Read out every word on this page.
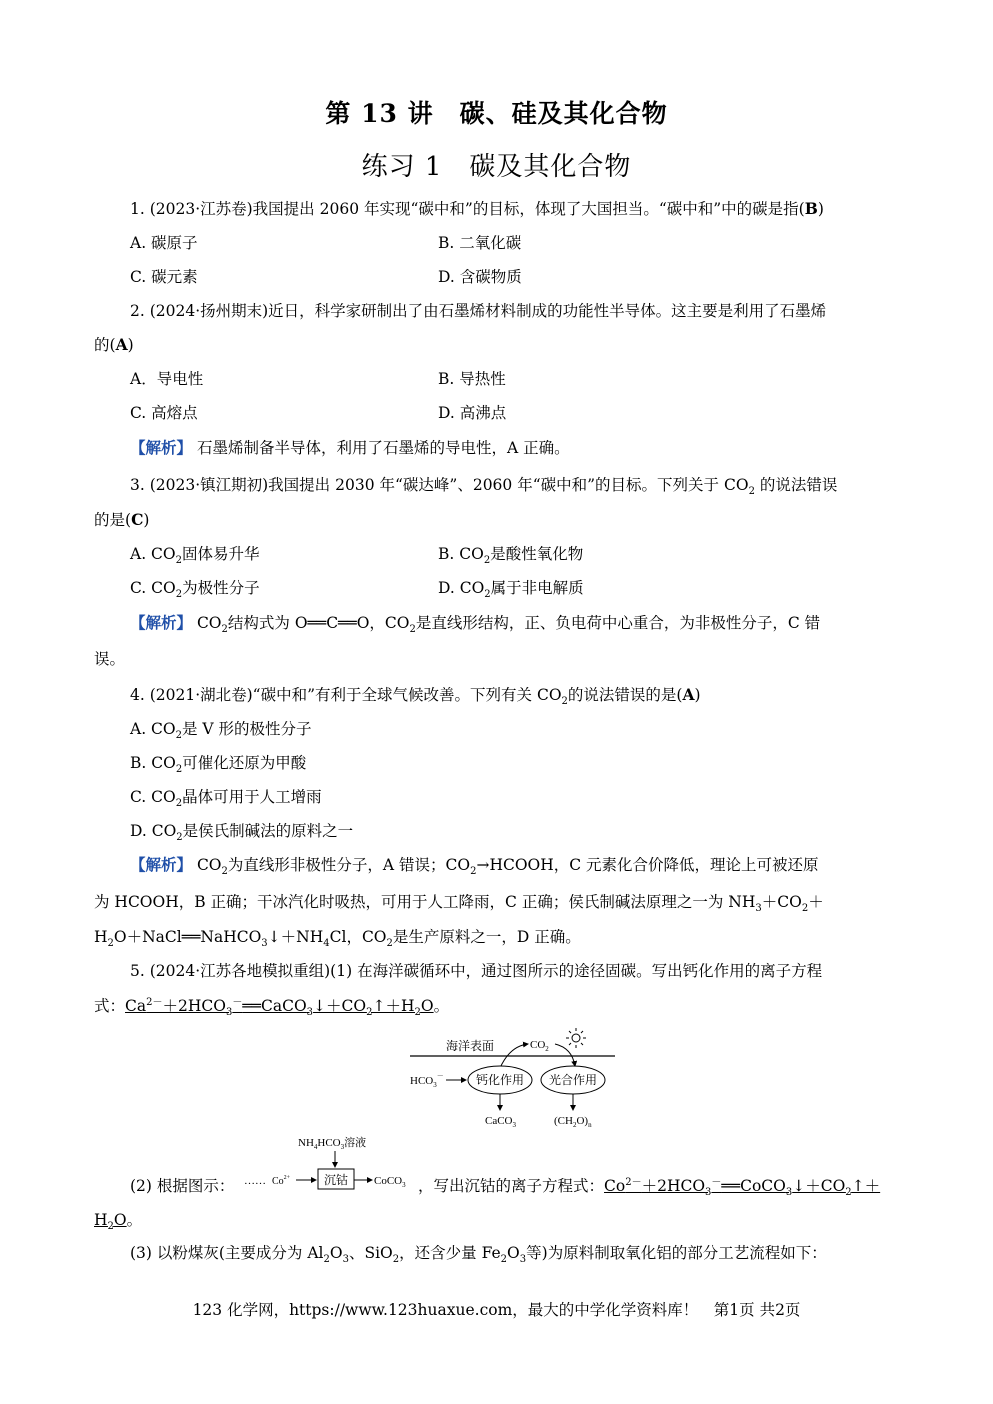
第 13 讲　碳、硅及其化合物
练习 1　碳及其化合物
1. (2023·江苏卷)我国提出 2060 年实现“碳中和”的目标，体现了大国担当。“碳中和”中的碳是指(B)
A. 碳原子	B. 二氧化碳
C. 碳元素	D. 含碳物质
2. (2024·扬州期末)近日，科学家研制出了由石墨烯材料制成的功能性半导体。这主要是利用了石墨烯
的(A)
A．导电性	B. 导热性
C. 高熔点	D. 高沸点
【解析】 石墨烯制备半导体，利用了石墨烯的导电性，A 正确。
3. (2023·镇江期初)我国提出 2030 年“碳达峰”、2060 年“碳中和”的目标。下列关于 $CO_2$ 的说法错误
的是(C)
A. $CO_2$固体易升华	B. $CO_2$是酸性氧化物
C. $CO_2$为极性分子	D. $CO_2$属于非电解质
【解析】 $CO_2$结构式为 O══C══O，$CO_2$是直线形结构，正、负电荷中心重合，为非极性分子，C 错
误。
4. (2021·湖北卷)“碳中和”有利于全球气候改善。下列有关 $CO_2$的说法错误的是(A)
A. $CO_2$是 V 形的极性分子
B. $CO_2$可催化还原为甲酸
C. $CO_2$晶体可用于人工增雨
D. $CO_2$是侯氏制碱法的原料之一
【解析】 $CO_2$为直线形非极性分子，A 错误；$CO_2\to HCOOH$，C 元素化合价降低，理论上可被还原
为 HCOOH，B 正确；干冰汽化时吸热，可用于人工降雨，C 正确；侯氏制碱法原理之一为 $NH_3+CO_2+$
$H_2O+NaCl══NaHCO_3↓+NH_4Cl$，$CO_2$是生产原料之一，D 正确。
5. (2024·江苏各地模拟重组)(1) 在海洋碳循环中，通过图所示的途径固碳。写出钙化作用的离子方程
式：$Ca^{2-}+2HCO_3^-══CaCO_3↓+CO_2↑+H_2O$。
海洋表面	$CO_2$
$HCO_3^-$	钙化作用 光合作用
CaCO$_3$	$(CH_2O)_n$
(2) 根据图示：
$NH_4HCO_3$溶液
…… $Co^{2+}$	沉钴 CoCO$_3$ ，写出沉钴的离子方程式：$Co^{2-}+2HCO_3^-══CoCO_3↓+CO_2↑+$
$H_2O$。
(3) 以粉煤灰(主要成分为 $Al_2O_3$、SiO$_2$，还含少量 $Fe_2O_3$等)为原料制取氧化铝的部分工艺流程如下：
123 化学网，https://www.123huaxue.com，最大的中学化学资料库！　第1页 共2页
